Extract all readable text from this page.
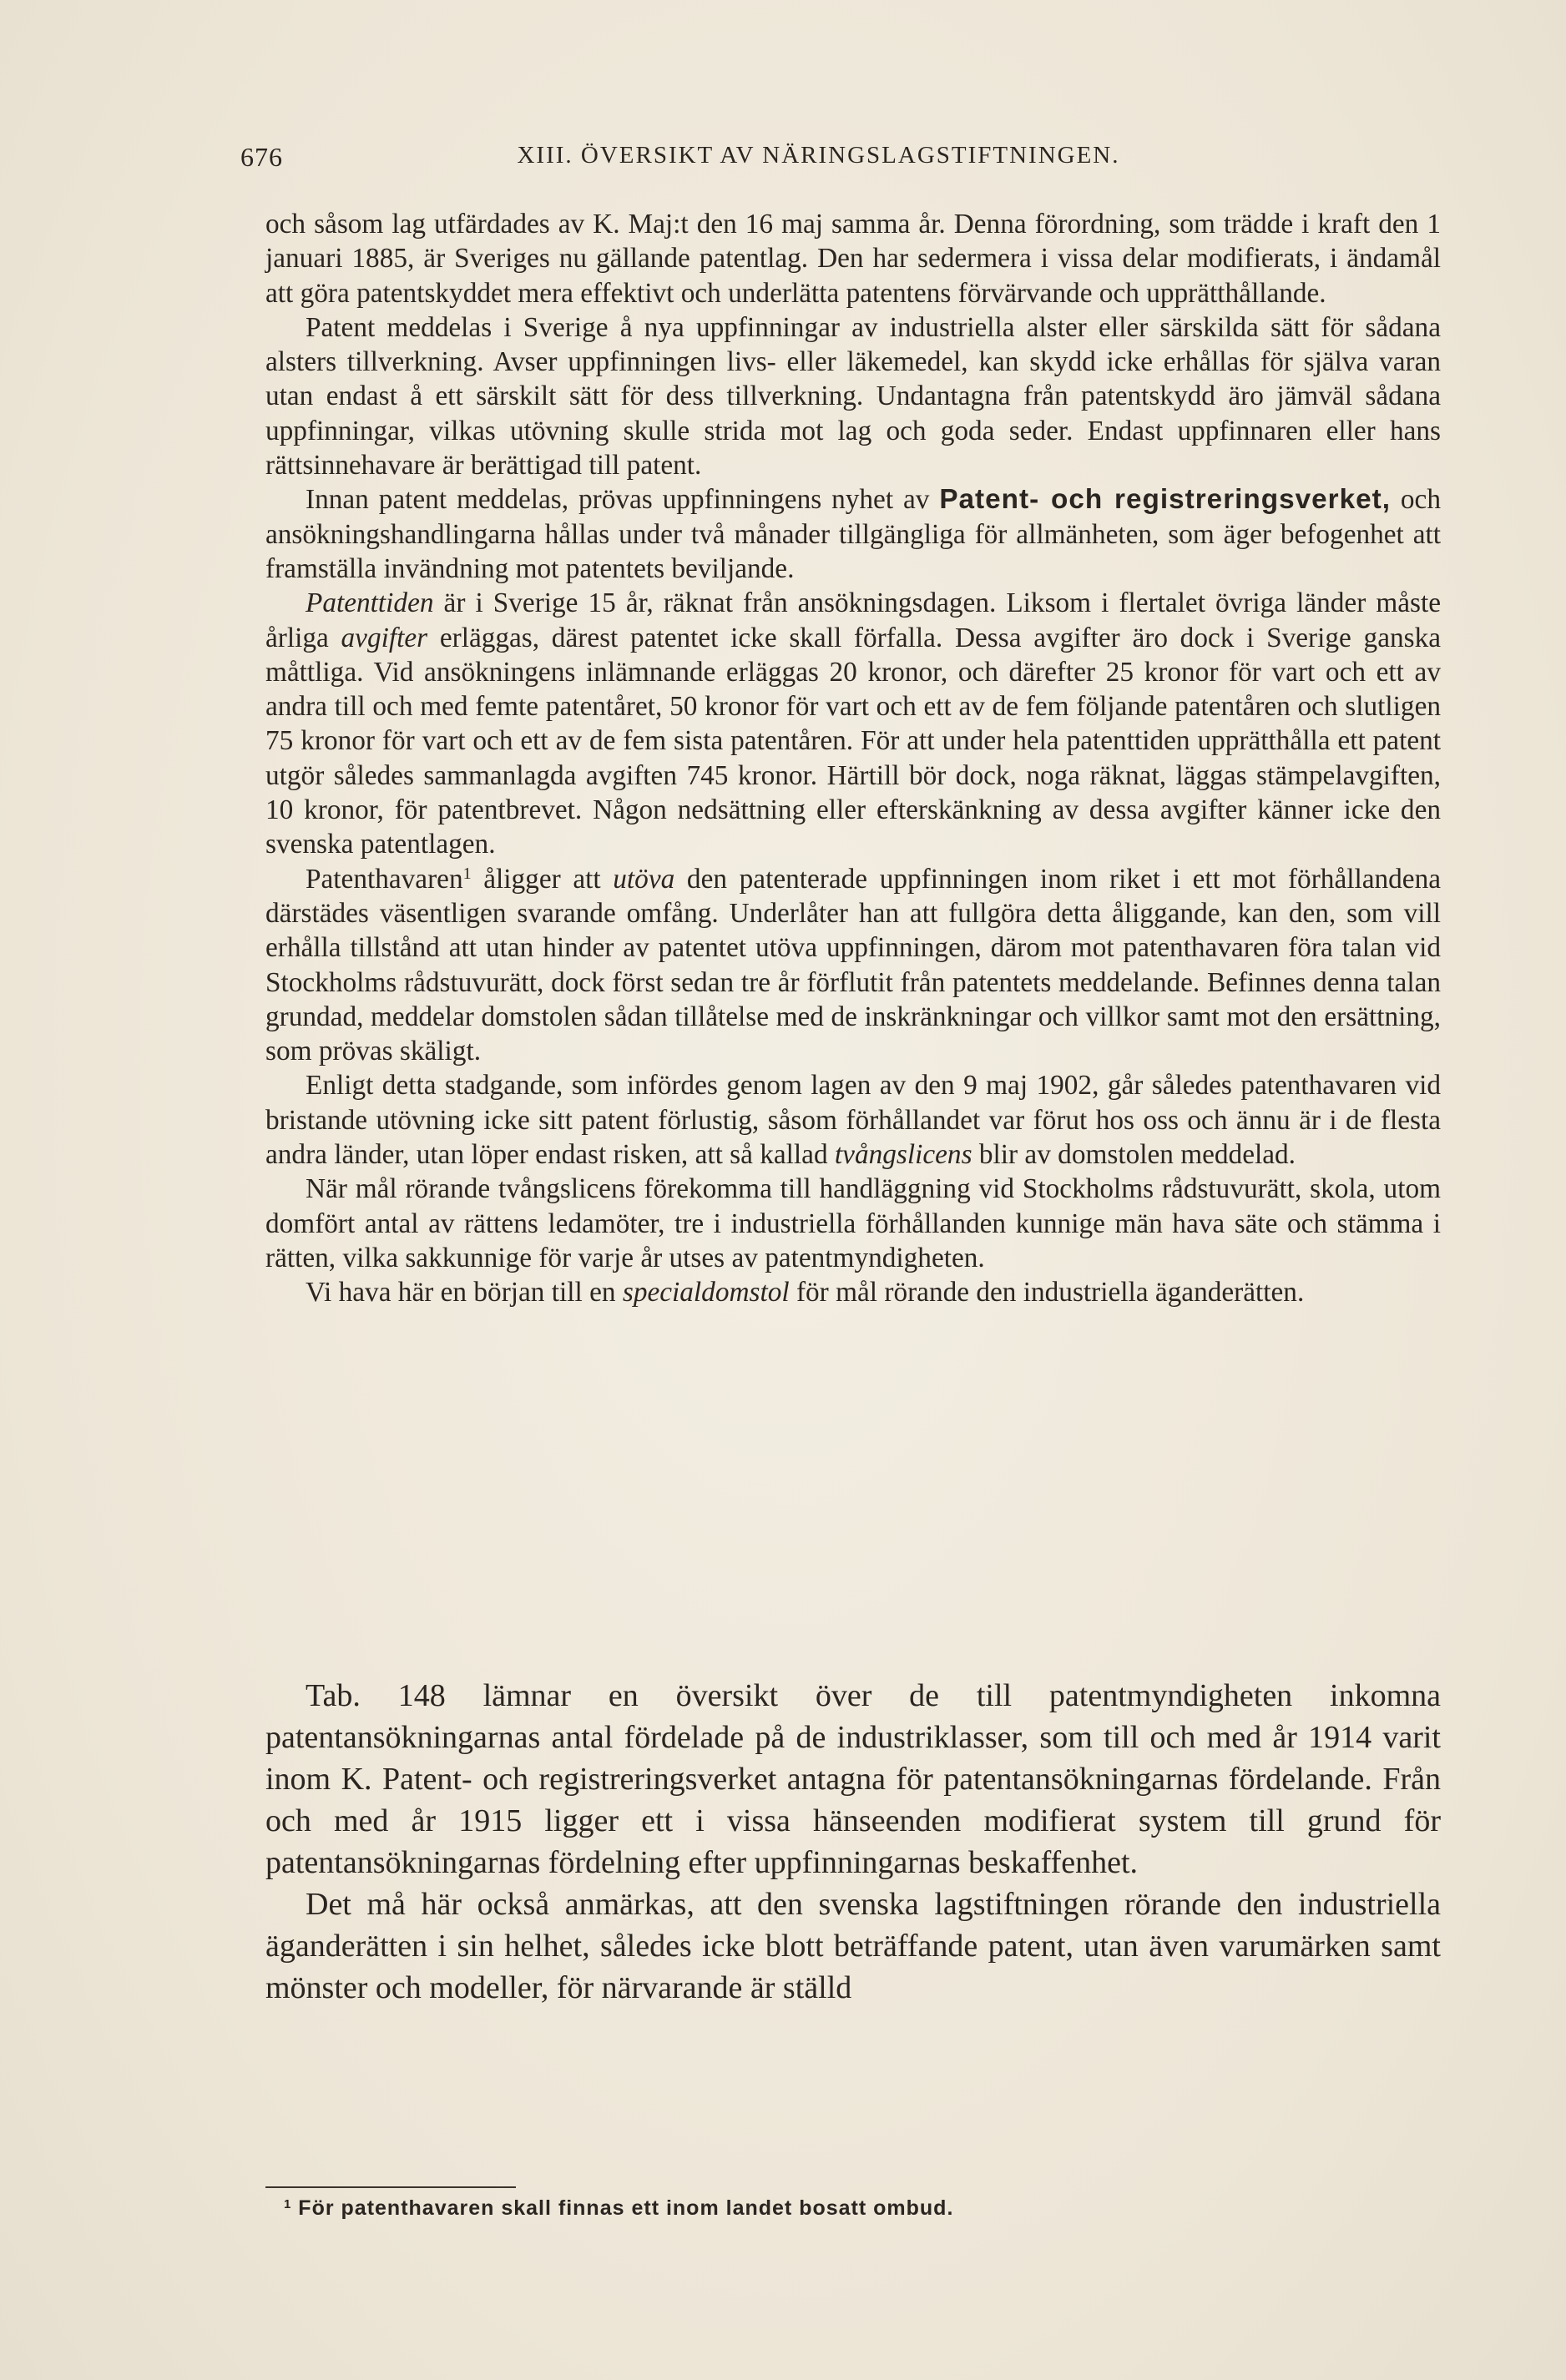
676	XIII. ÖVERSIKT AV NÄRINGSLAGSTIFTNINGEN.

och såsom lag utfärdades av K. Maj:t den 16 maj samma år. Denna förordning, som trädde i kraft den 1 januari 1885, är Sveriges nu gällande patentlag. Den har sedermera i vissa delar modifierats, i ändamål att göra patentskyddet mera effektivt och underlätta patentens förvärvande och upprätthållande.

Patent meddelas i Sverige å nya uppfinningar av industriella alster eller särskilda sätt för sådana alsters tillverkning. Avser uppfinningen livs- eller läkemedel, kan skydd icke erhållas för själva varan utan endast å ett särskilt sätt för dess tillverkning. Undantagna från patentskydd äro jämväl sådana uppfinningar, vilkas utövning skulle strida mot lag och goda seder. Endast uppfinnaren eller hans rättsinnehavare är berättigad till patent.

Innan patent meddelas, prövas uppfinningens nyhet av Patent- och registreringsverket, och ansökningshandlingarna hållas under två månader tillgängliga för allmänheten, som äger befogenhet att framställa invändning mot patentets beviljande.

Patenttiden är i Sverige 15 år, räknat från ansökningsdagen. Liksom i flertalet övriga länder måste årliga avgifter erläggas, därest patentet icke skall förfalla. Dessa avgifter äro dock i Sverige ganska måttliga. Vid ansökningens inlämnande erläggas 20 kronor, och därefter 25 kronor för vart och ett av andra till och med femte patentåret, 50 kronor för vart och ett av de fem följande patentåren och slutligen 75 kronor för vart och ett av de fem sista patentåren. För att under hela patenttiden upprätthålla ett patent utgör således sammanlagda avgiften 745 kronor. Härtill bör dock, noga räknat, läggas stämpelavgiften, 10 kronor, för patentbrevet. Någon nedsättning eller efterskänkning av dessa avgifter känner icke den svenska patentlagen.

Patenthavaren$^1$ åligger att utöva den patenterade uppfinningen inom riket i ett mot förhållandena därstädes väsentligen svarande omfång. Underlåter han att fullgöra detta åliggande, kan den, som vill erhålla tillstånd att utan hinder av patentet utöva uppfinningen, därom mot patenthavaren föra talan vid Stockholms rådstuvurätt, dock först sedan tre år förflutit från patentets meddelande. Befinnes denna talan grundad, meddelar domstolen sådan tillåtelse med de inskränkningar och villkor samt mot den ersättning, som prövas skäligt.

Enligt detta stadgande, som infördes genom lagen av den 9 maj 1902, går således patenthavaren vid bristande utövning icke sitt patent förlustig, såsom förhållandet var förut hos oss och ännu är i de flesta andra länder, utan löper endast risken, att så kallad tvångslicens blir av domstolen meddelad.

När mål rörande tvångslicens förekomma till handläggning vid Stockholms rådstuvurätt, skola, utom domfört antal av rättens ledamöter, tre i industriella förhållanden kunnige män hava säte och stämma i rätten, vilka sakkunnige för varje år utses av patentmyndigheten.

Vi hava här en början till en specialdomstol för mål rörande den industriella äganderätten.

Tab. 148 lämnar en översikt över de till patentmyndigheten inkomna patentansökningarnas antal fördelade på de industriklasser, som till och med år 1914 varit inom K. Patent- och registreringsverket antagna för patentansökningarnas fördelande. Från och med år 1915 ligger ett i vissa hänseenden modifierat system till grund för patentansökningarnas fördelning efter uppfinningarnas beskaffenhet.

Det må här också anmärkas, att den svenska lagstiftningen rörande den industriella äganderätten i sin helhet, således icke blott beträffande patent, utan även varumärken samt mönster och modeller, för närvarande är ställd

$^1$ För patenthavaren skall finnas ett inom landet bosatt ombud.
